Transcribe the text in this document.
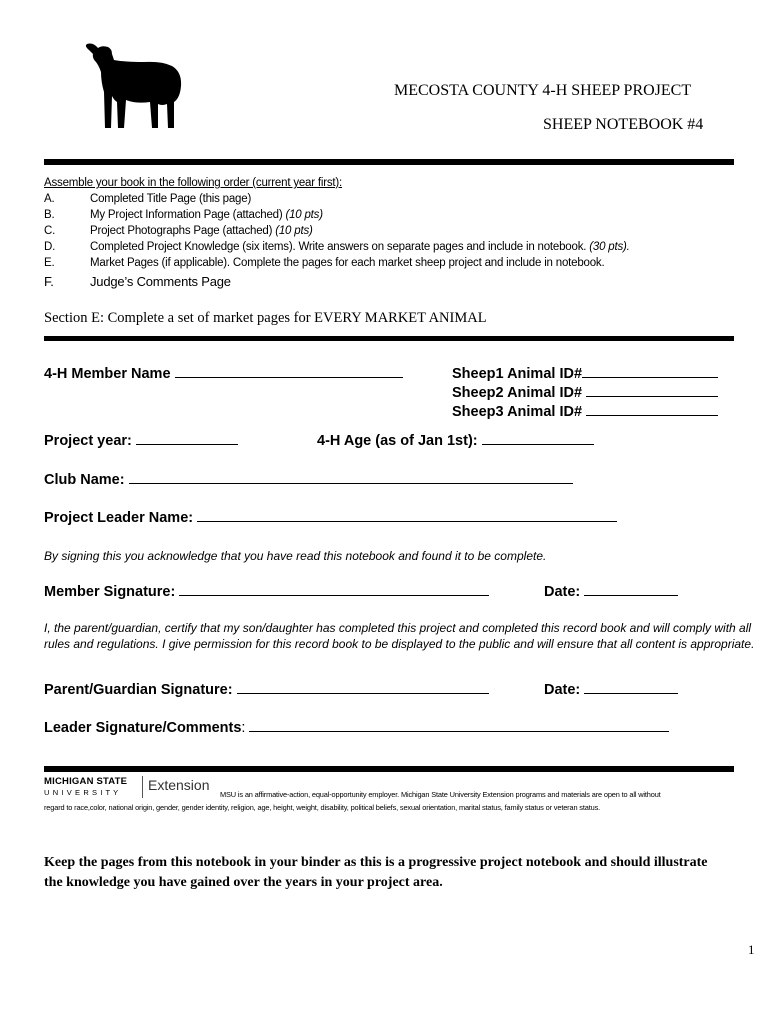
MECOSTA COUNTY 4-H SHEEP PROJECT
SHEEP NOTEBOOK #4
Assemble your book in the following order (current year first):
A.	Completed Title Page (this page)
B.	My Project Information Page (attached) (10 pts)
C.	Project Photographs Page (attached) (10 pts)
D.	Completed Project Knowledge (six items). Write answers on separate pages and include in notebook. (30 pts).
E.	Market Pages (if applicable). Complete the pages for each market sheep project and include in notebook.
F.	Judge’s Comments Page
Section E: Complete a set of market pages for EVERY MARKET ANIMAL
4-H Member Name	Sheep1 Animal ID#
Sheep2 Animal ID#
Sheep3 Animal ID#
Project year:	4-H Age (as of Jan 1st):
Club Name:
Project Leader Name:
By signing this you acknowledge that you have read this notebook and found it to be complete.
Member Signature:	Date:
I, the parent/guardian, certify that my son/daughter has completed this project and completed this record book and will comply with all rules and regulations. I give permission for this record book to be displayed to the public and will ensure that all content is appropriate.
Parent/Guardian Signature:	Date:
Leader Signature/Comments:
MICHIGAN STATE
U N I V E R S I T Y Extension
MSU is an affirmative-action, equal-opportunity employer. Michigan State University Extension programs and materials are open to all without
regard to race,color, national origin, gender, gender identity, religion, age, height, weight, disability, political beliefs, sexual orientation, marital status, family status or veteran status.
Keep the pages from this notebook in your binder as this is a progressive project notebook and should illustrate the knowledge you have gained over the years in your project area.
1
